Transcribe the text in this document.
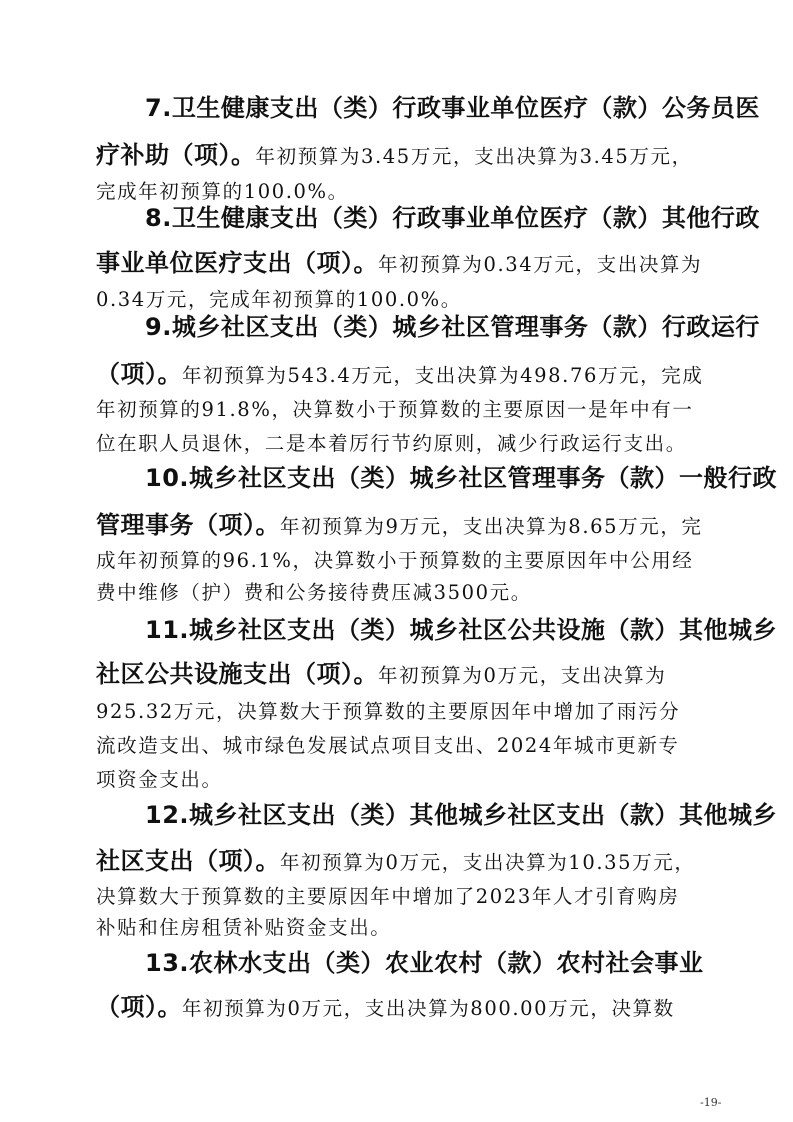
7.卫生健康支出（类）行政事业单位医疗（款）公务员医
疗补助（项）。年初预算为3.45万元，支出决算为3.45万元，
完成年初预算的100.0%。
8.卫生健康支出（类）行政事业单位医疗（款）其他行政
事业单位医疗支出（项）。年初预算为0.34万元，支出决算为
0.34万元，完成年初预算的100.0%。
9.城乡社区支出（类）城乡社区管理事务（款）行政运行
（项）。年初预算为543.4万元，支出决算为498.76万元，完成
年初预算的91.8%，决算数小于预算数的主要原因一是年中有一
位在职人员退休，二是本着厉行节约原则，减少行政运行支出。
10.城乡社区支出（类）城乡社区管理事务（款）一般行政
管理事务（项）。年初预算为9万元，支出决算为8.65万元，完
成年初预算的96.1%，决算数小于预算数的主要原因年中公用经
费中维修（护）费和公务接待费压减3500元。
11.城乡社区支出（类）城乡社区公共设施（款）其他城乡
社区公共设施支出（项）。年初预算为0万元，支出决算为
925.32万元，决算数大于预算数的主要原因年中增加了雨污分
流改造支出、城市绿色发展试点项目支出、2024年城市更新专
项资金支出。
12.城乡社区支出（类）其他城乡社区支出（款）其他城乡
社区支出（项）。年初预算为0万元，支出决算为10.35万元，
决算数大于预算数的主要原因年中增加了2023年人才引育购房
补贴和住房租赁补贴资金支出。
13.农林水支出（类）农业农村（款）农村社会事业
（项）。年初预算为0万元，支出决算为800.00万元，决算数
-19-
